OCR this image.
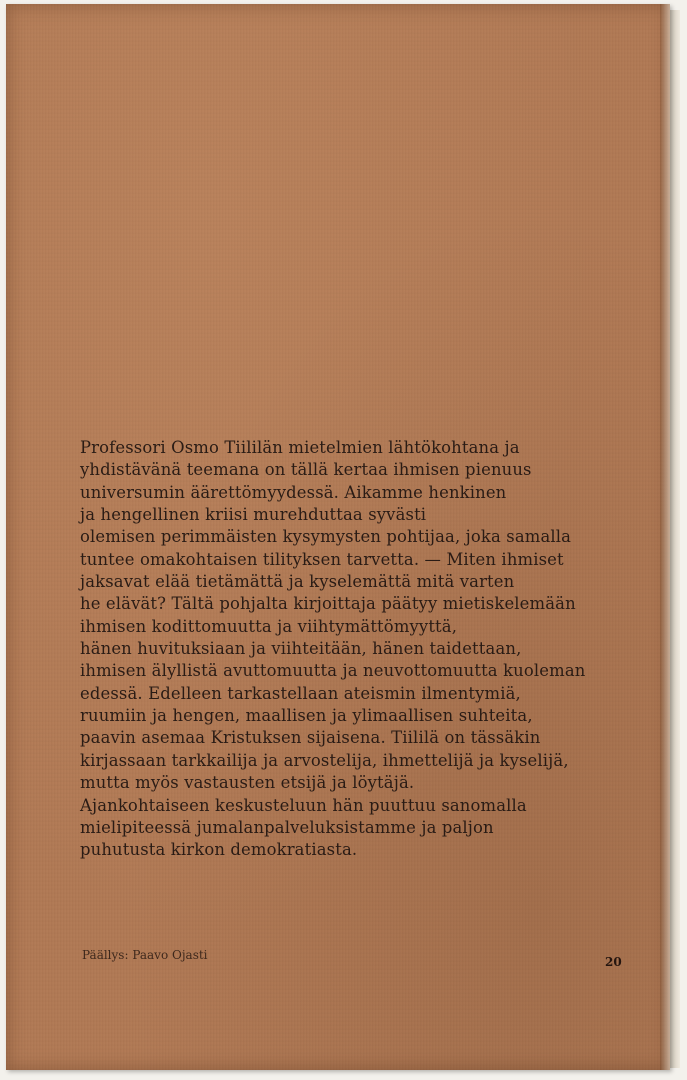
Professori Osmo Tiililän mietelmien lähtökohtana ja
yhdistävänä teemana on tällä kertaa ihmisen pienuus
universumin äärettömyydessä. Aikamme henkinen
ja hengellinen kriisi murehduttaa syvästi
olemisen perimmäisten kysymysten pohtijaa, joka samalla
tuntee omakohtaisen tilityksen tarvetta. — Miten ihmiset
jaksavat elää tietämättä ja kyselemättä mitä varten
he elävät? Tältä pohjalta kirjoittaja päätyy mietiskelemään
ihmisen kodittomuutta ja viihtymättömyyttä,
hänen huvituksiaan ja viihteitään, hänen taidettaan,
ihmisen älyllistä avuttomuutta ja neuvottomuutta kuoleman
edessä. Edelleen tarkastellaan ateismin ilmentymiä,
ruumiin ja hengen, maallisen ja ylimaallisen suhteita,
paavin asemaa Kristuksen sijaisena. Tiililä on tässäkin
kirjassaan tarkkailija ja arvostelija, ihmettelijä ja kyselijä,
mutta myös vastausten etsijä ja löytäjä.
Ajankohtaiseen keskusteluun hän puuttuu sanomalla
mielipiteessä jumalanpalveluksistamme ja paljon
puhutusta kirkon demokratiasta.

Päällys: Paavo Ojasti	20
